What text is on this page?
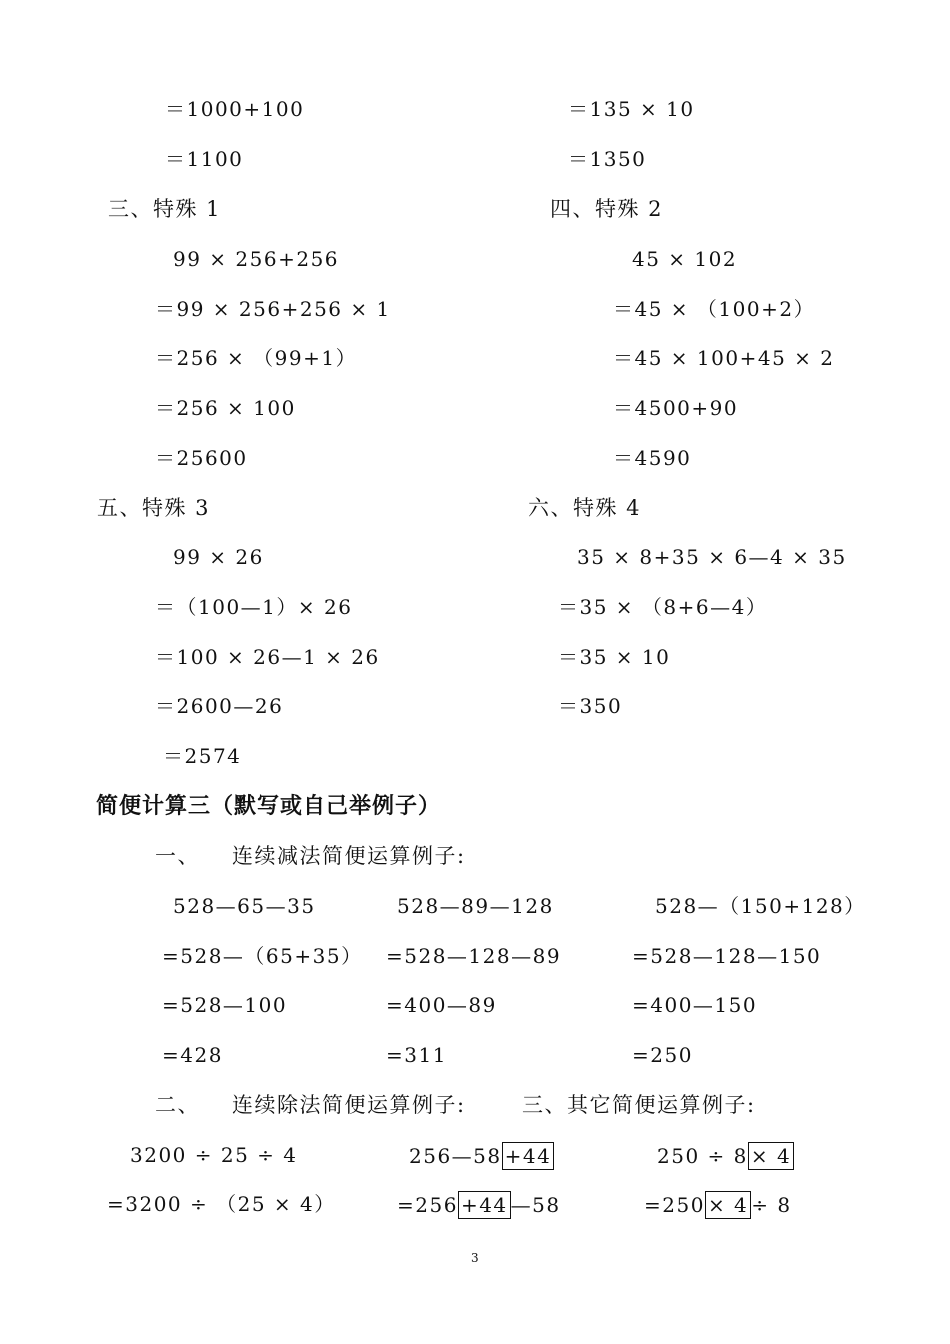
＝1000+100
＝1100
＝135 × 10
＝1350
三、特殊 1
99 × 256+256
＝99 × 256+256 × 1
＝256 × （99+1）
＝256 × 100
＝25600
四、特殊 2
45 × 102
＝45 × （100+2）
＝45 × 100+45 × 2
＝4500+90
＝4590
五、特殊 3
99 × 26
＝（100—1）× 26
＝100 × 26—1 × 26
＝2600—26
＝2574
六、特殊 4
35 × 8+35 × 6—4 × 35
＝35 × （8+6—4）
＝35 × 10
＝350
简便计算三（默写或自己举例子）
一、 连续减法简便运算例子:
528—65—35
=528—（65+35）
=528—100
=428
528—89—128
=528—128—89
=400—89
=311
528—（150+128）
=528—128—150
=400—150
=250
二、 连续除法简便运算例子:	三、其它简便运算例子:
3200 ÷ 25 ÷ 4
=3200 ÷ （25 × 4）
256—58 +44
=256 +44 —58
250 ÷ 8 × 4
=250 × 4 ÷ 8
3
